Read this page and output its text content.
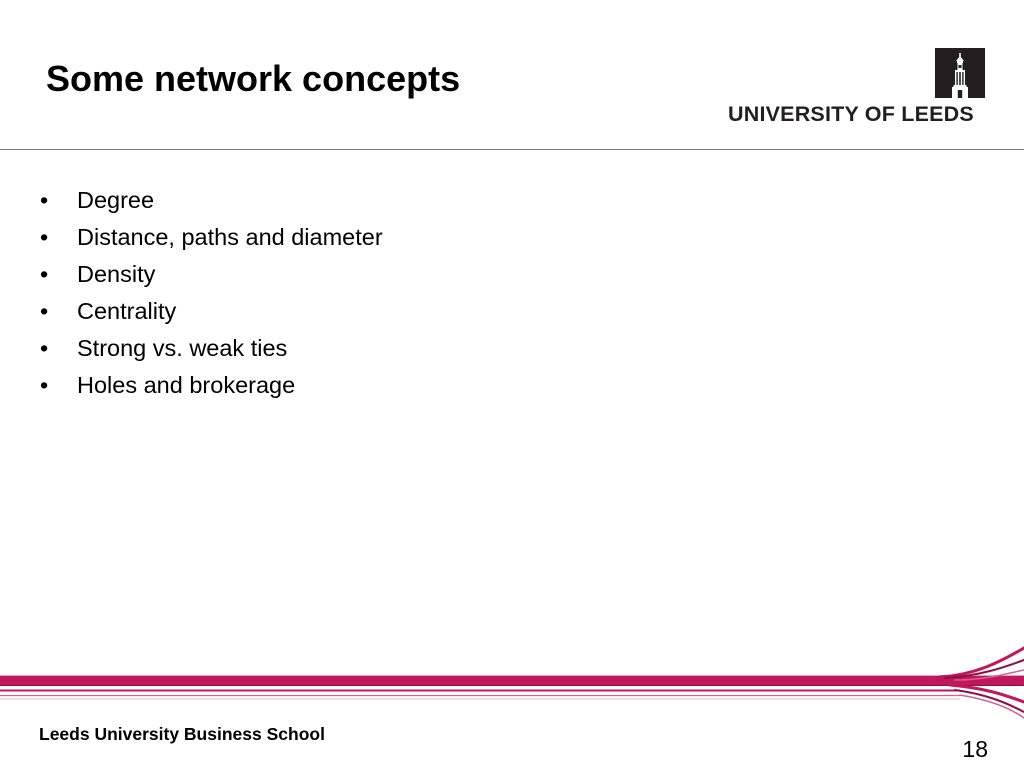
Some network concepts
UNIVERSITY OF LEEDS
•	Degree
•	Distance, paths and diameter
•	Density
•	Centrality
•	Strong vs. weak ties
•	Holes and brokerage
Leeds University Business School
18
